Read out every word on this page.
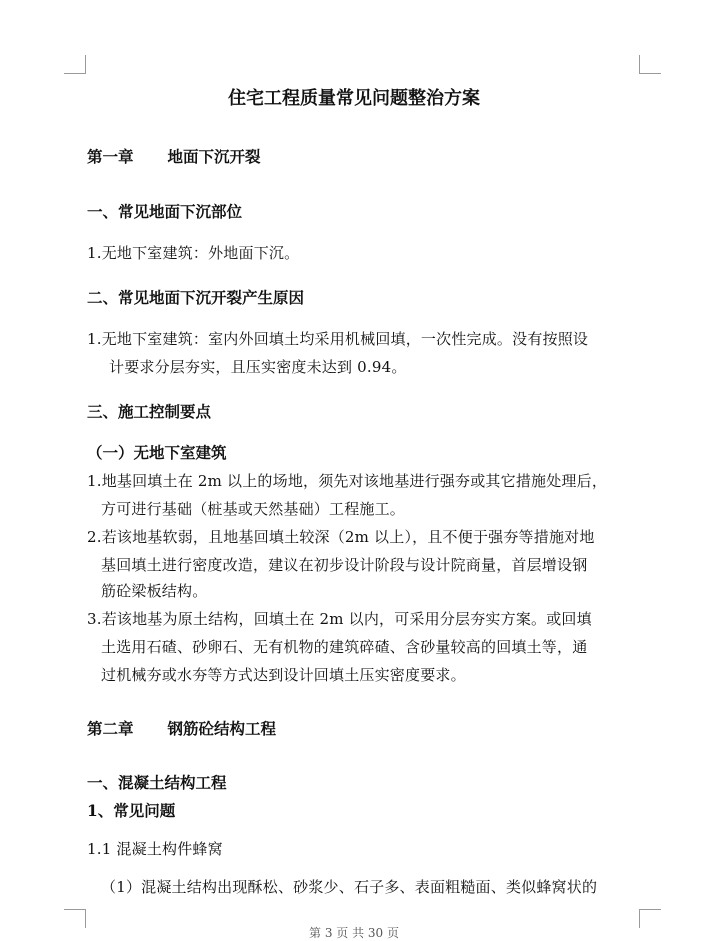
住宅工程质量常见问题整治方案
第一章 地面下沉开裂
一、常见地面下沉部位
1.无地下室建筑：外地面下沉。
二、常见地面下沉开裂产生原因
1.无地下室建筑：室内外回填土均采用机械回填，一次性完成。没有按照设
计要求分层夯实，且压实密度未达到 0.94。
三、施工控制要点
（一）无地下室建筑
1.地基回填土在 2m 以上的场地，须先对该地基进行强夯或其它措施处理后，
方可进行基础（桩基或天然基础）工程施工。
2.若该地基软弱，且地基回填土较深（2m 以上），且不便于强夯等措施对地
基回填土进行密度改造，建议在初步设计阶段与设计院商量，首层增设钢
筋砼梁板结构。
3.若该地基为原土结构，回填土在 2m 以内，可采用分层夯实方案。或回填
土选用石碴、砂卵石、无有机物的建筑碎碴、含砂量较高的回填土等，通
过机械夯或水夯等方式达到设计回填土压实密度要求。
第二章 钢筋砼结构工程
一、混凝土结构工程
1、常见问题
1.1 混凝土构件蜂窝
（1）混凝土结构出现酥松、砂浆少、石子多、表面粗糙面、类似蜂窝状的
第 3 页 共 30 页
